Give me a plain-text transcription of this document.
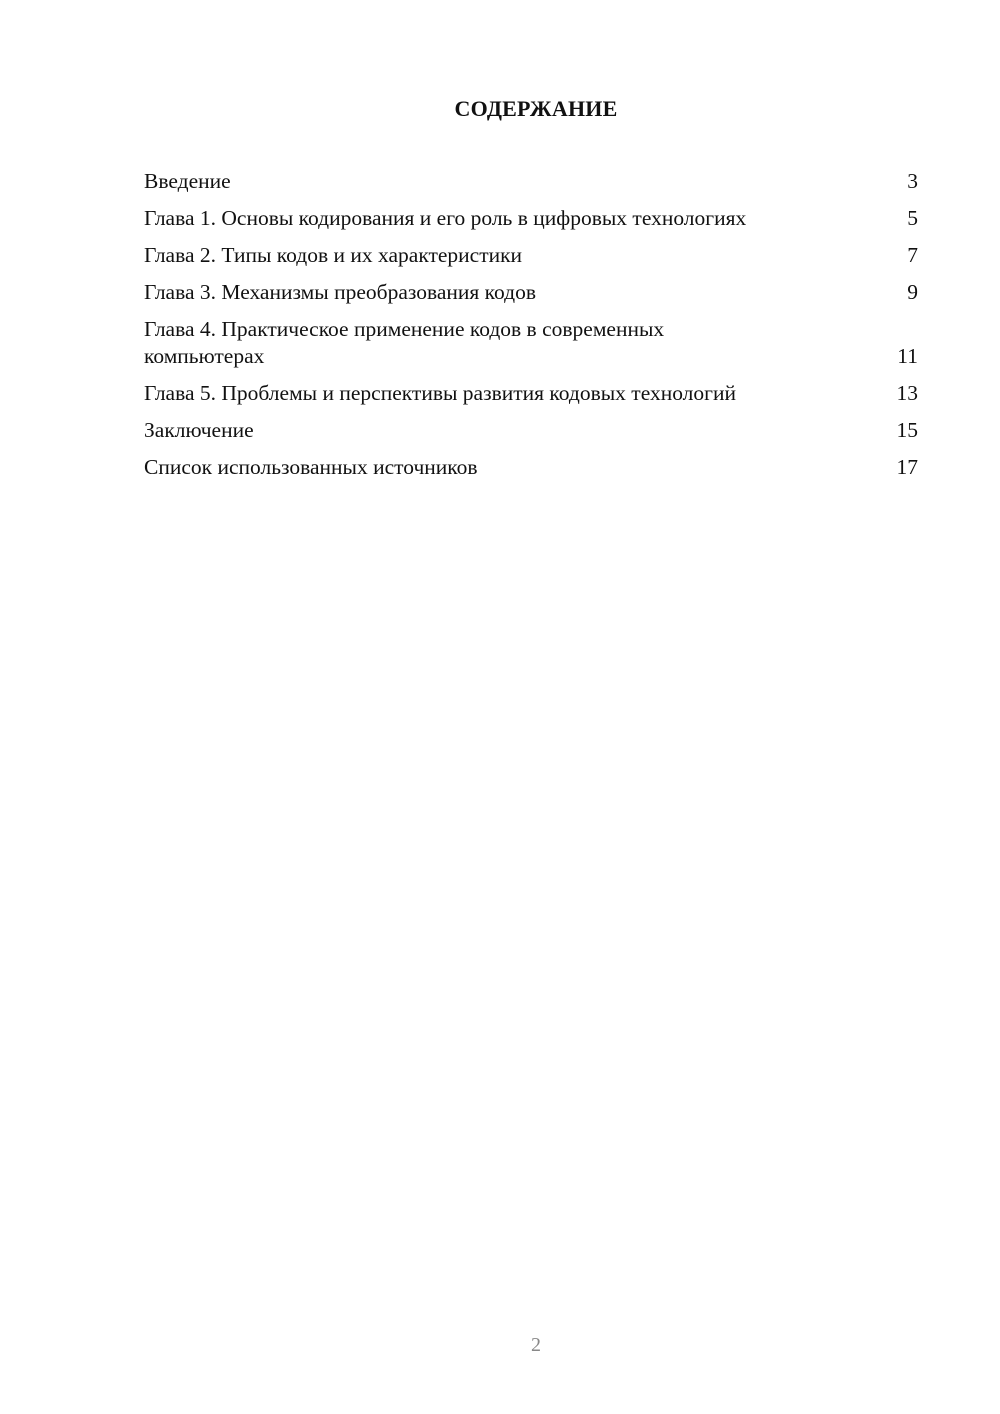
СОДЕРЖАНИЕ
Введение	3
Глава 1. Основы кодирования и его роль в цифровых технологиях	5
Глава 2. Типы кодов и их характеристики	7
Глава 3. Механизмы преобразования кодов	9
Глава 4. Практическое применение кодов в современных компьютерах	11
Глава 5. Проблемы и перспективы развития кодовых технологий	13
Заключение	15
Список использованных источников	17
2
